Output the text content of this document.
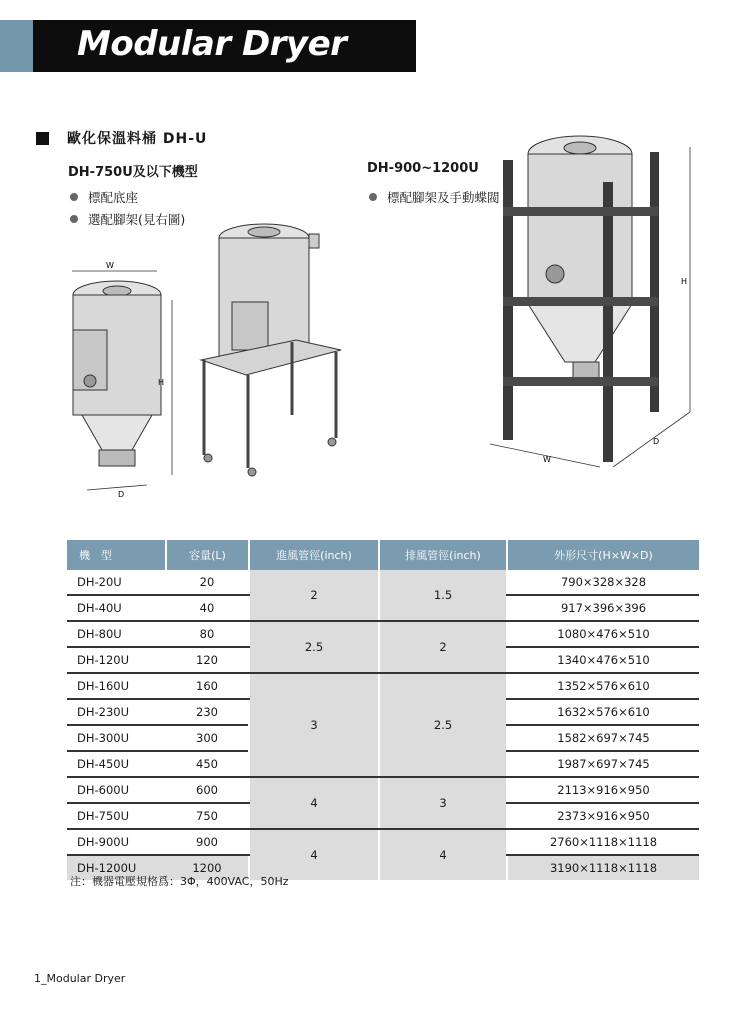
Modular Dryer
歐化保溫料桶 DH-U
DH-750U及以下機型
標配底座
選配腳架(見右圖)
DH-900~1200U
標配腳架及手動蝶閥
W
D
H
H
W
D
機　型	容量(L)	進風管徑(inch)	排風管徑(inch)	外形尺寸(H×W×D)
DH-20U	20	2	1.5	790×328×328
DH-40U	40			917×396×396
DH-80U	80	2.5	2	1080×476×510
DH-120U	120			1340×476×510
DH-160U	160	3	2.5	1352×576×610
DH-230U	230			1632×576×610
DH-300U	300			1582×697×745
DH-450U	450			1987×697×745
DH-600U	600	4	3	2113×916×950
DH-750U	750			2373×916×950
DH-900U	900	4	4	2760×1118×1118
DH-1200U	1200			3190×1118×1118
注：機器電壓規格爲：3Φ，400VAC，50Hz
1_Modular Dryer
